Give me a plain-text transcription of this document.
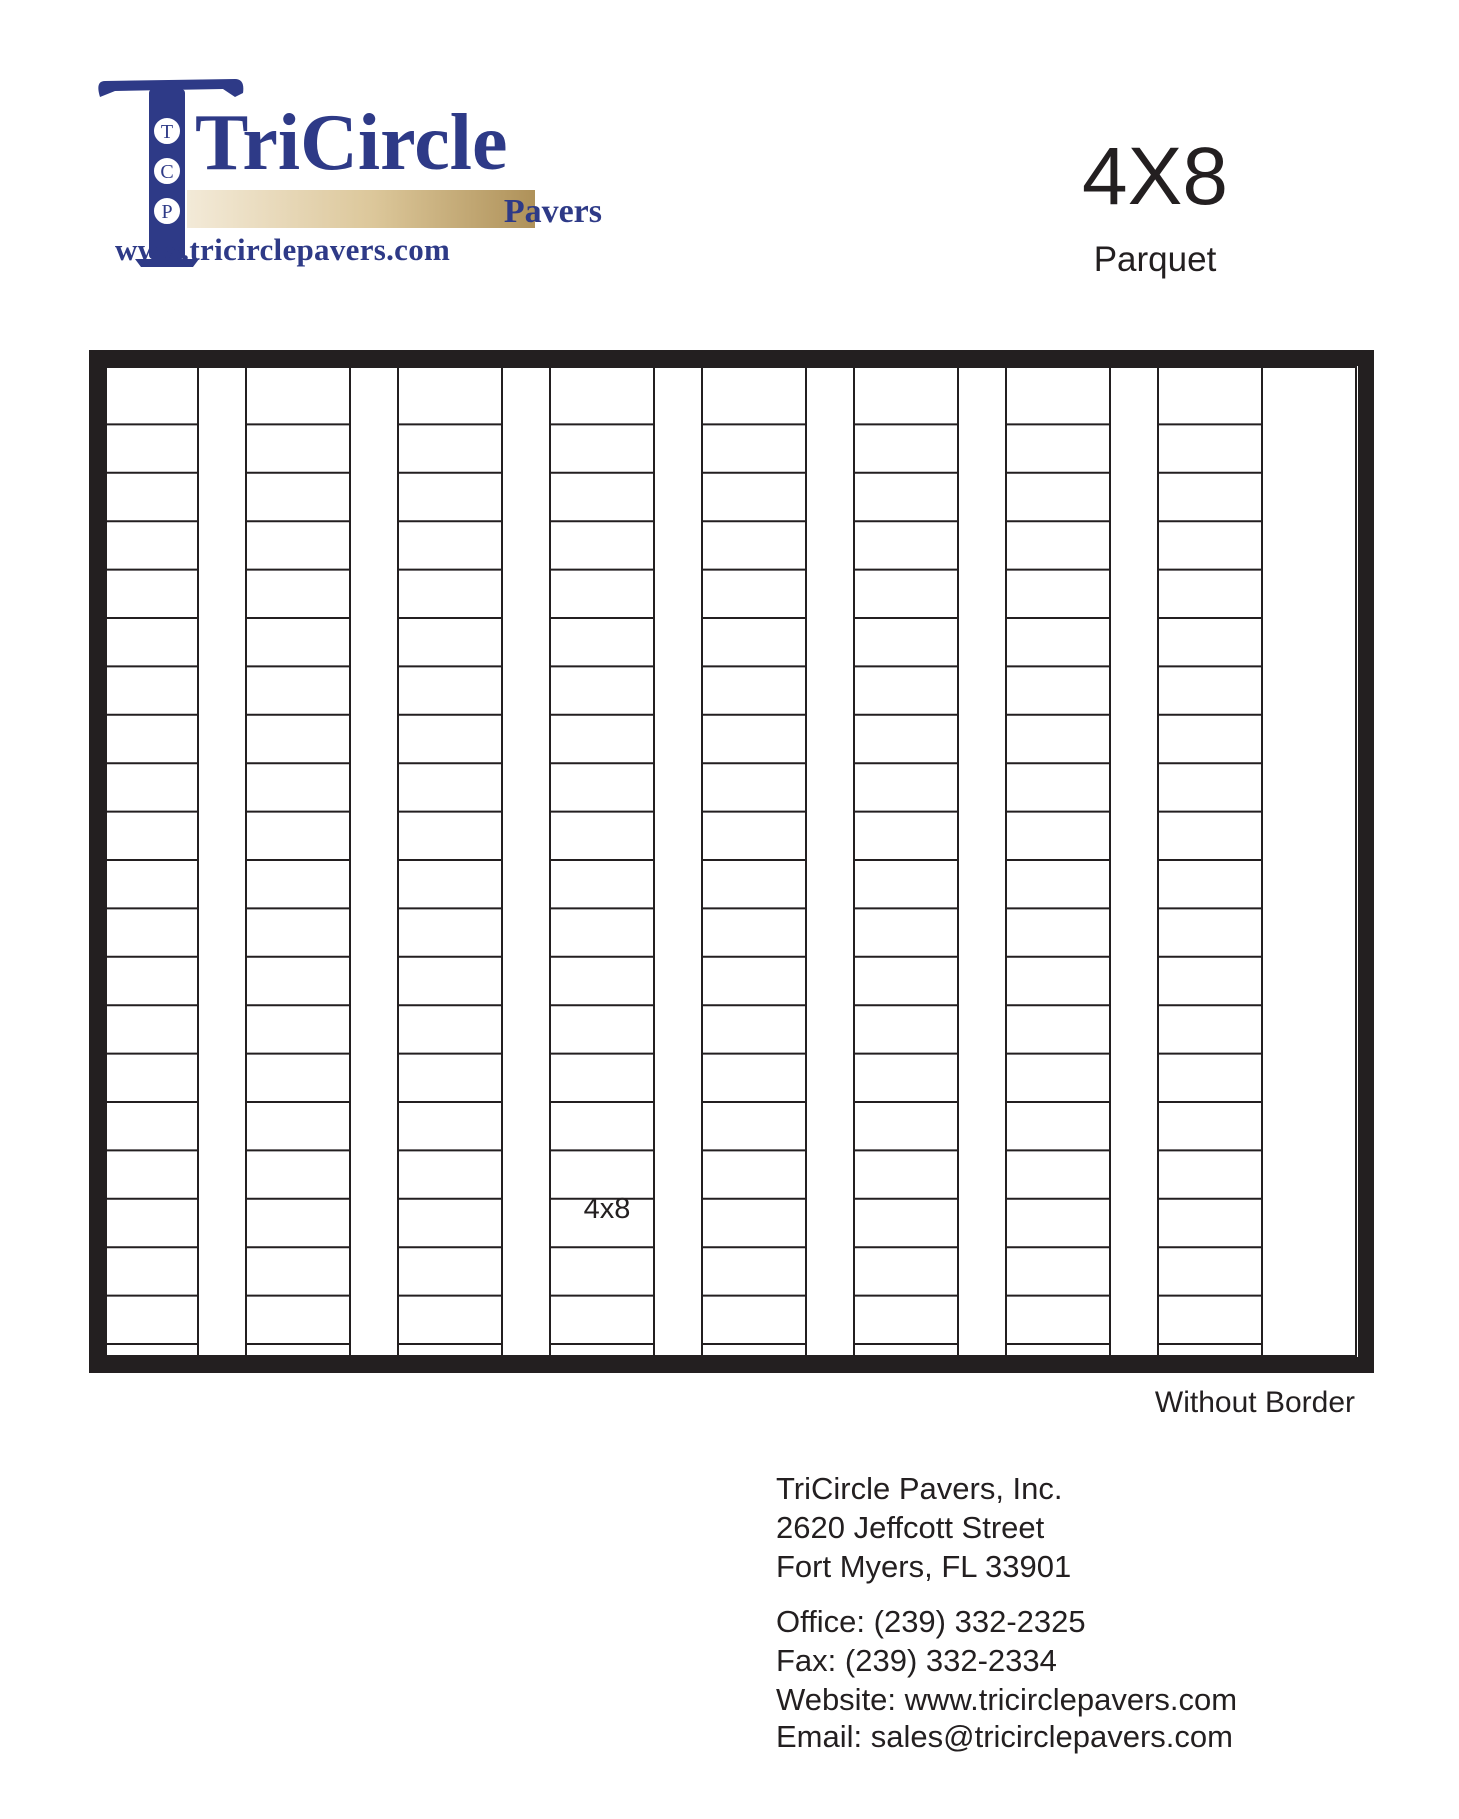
T
C
P
TriCircle
Pavers
www.tricirclepavers.com
4X8
Parquet
4x8
Without Border
TriCircle Pavers, Inc.
2620 Jeffcott Street
Fort Myers, FL 33901
Office: (239) 332-2325
Fax: (239) 332-2334
Website: www.tricirclepavers.com
Email: sales@tricirclepavers.com
